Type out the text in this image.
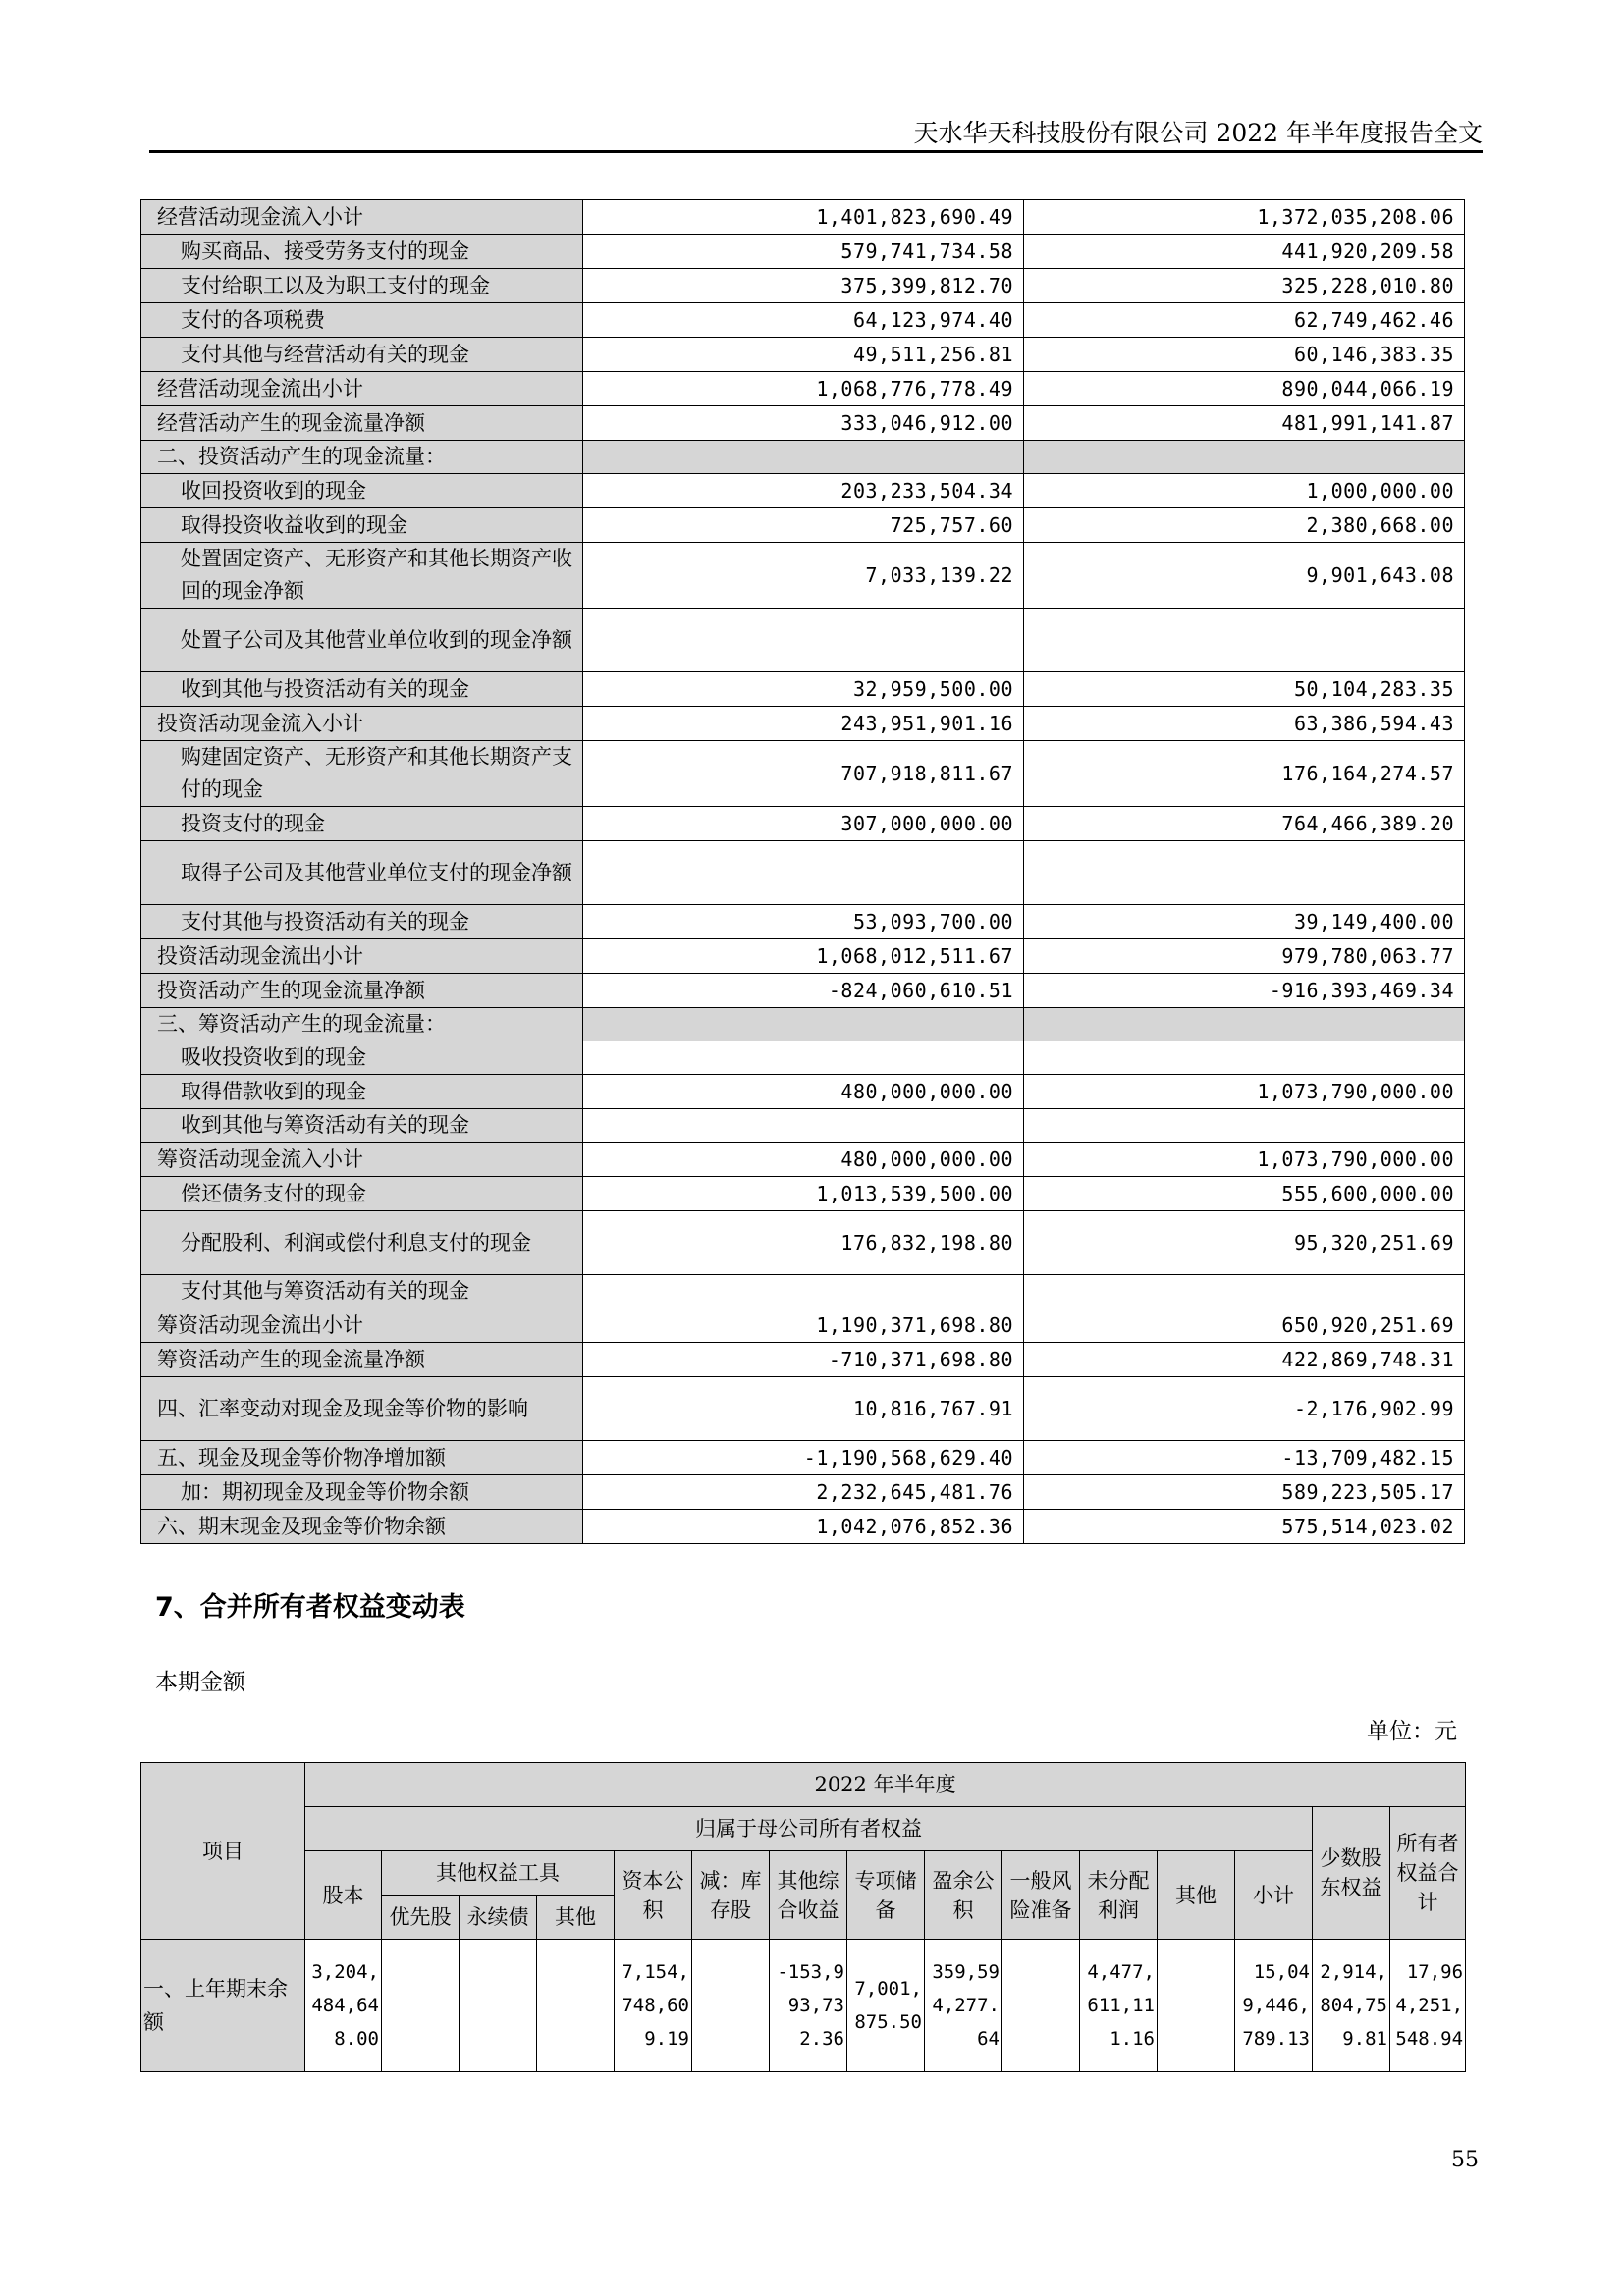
天水华天科技股份有限公司 2022 年半年度报告全文
经营活动现金流入小计	1,401,823,690.49	1,372,035,208.06
购买商品、接受劳务支付的现金	579,741,734.58	441,920,209.58
支付给职工以及为职工支付的现金	375,399,812.70	325,228,010.80
支付的各项税费	64,123,974.40	62,749,462.46
支付其他与经营活动有关的现金	49,511,256.81	60,146,383.35
经营活动现金流出小计	1,068,776,778.49	890,044,066.19
经营活动产生的现金流量净额	333,046,912.00	481,991,141.87
二、投资活动产生的现金流量：		
收回投资收到的现金	203,233,504.34	1,000,000.00
取得投资收益收到的现金	725,757.60	2,380,668.00
处置固定资产、无形资产和其他长期资产收回的现金净额	7,033,139.22	9,901,643.08
处置子公司及其他营业单位收到的现金净额		
收到其他与投资活动有关的现金	32,959,500.00	50,104,283.35
投资活动现金流入小计	243,951,901.16	63,386,594.43
购建固定资产、无形资产和其他长期资产支付的现金	707,918,811.67	176,164,274.57
投资支付的现金	307,000,000.00	764,466,389.20
取得子公司及其他营业单位支付的现金净额		
支付其他与投资活动有关的现金	53,093,700.00	39,149,400.00
投资活动现金流出小计	1,068,012,511.67	979,780,063.77
投资活动产生的现金流量净额	-824,060,610.51	-916,393,469.34
三、筹资活动产生的现金流量：		
吸收投资收到的现金		
取得借款收到的现金	480,000,000.00	1,073,790,000.00
收到其他与筹资活动有关的现金		
筹资活动现金流入小计	480,000,000.00	1,073,790,000.00
偿还债务支付的现金	1,013,539,500.00	555,600,000.00
分配股利、利润或偿付利息支付的现金	176,832,198.80	95,320,251.69
支付其他与筹资活动有关的现金		
筹资活动现金流出小计	1,190,371,698.80	650,920,251.69
筹资活动产生的现金流量净额	-710,371,698.80	422,869,748.31
四、汇率变动对现金及现金等价物的影响	10,816,767.91	-2,176,902.99
五、现金及现金等价物净增加额	-1,190,568,629.40	-13,709,482.15
加：期初现金及现金等价物余额	2,232,645,481.76	589,223,505.17
六、期末现金及现金等价物余额	1,042,076,852.36	575,514,023.02
7、合并所有者权益变动表
本期金额
单位：元
项目	2022 年半年度														
	归属于母公司所有者权益													少数股东权益	所有者权益合计
	股本	其他权益工具			资本公积	减：库存股	其他综合收益	专项储备	盈余公积	一般风险准备	未分配利润	其他	小计		
		优先股	永续债	其他											
一、上年期末余额	3,204,484,648.00				7,154,748,609.19		-153,993,732.36	7,001,875.50	359,594,277.64		4,477,611,111.16		15,049,446,789.13	2,914,804,759.81	17,964,251,548.94
55
